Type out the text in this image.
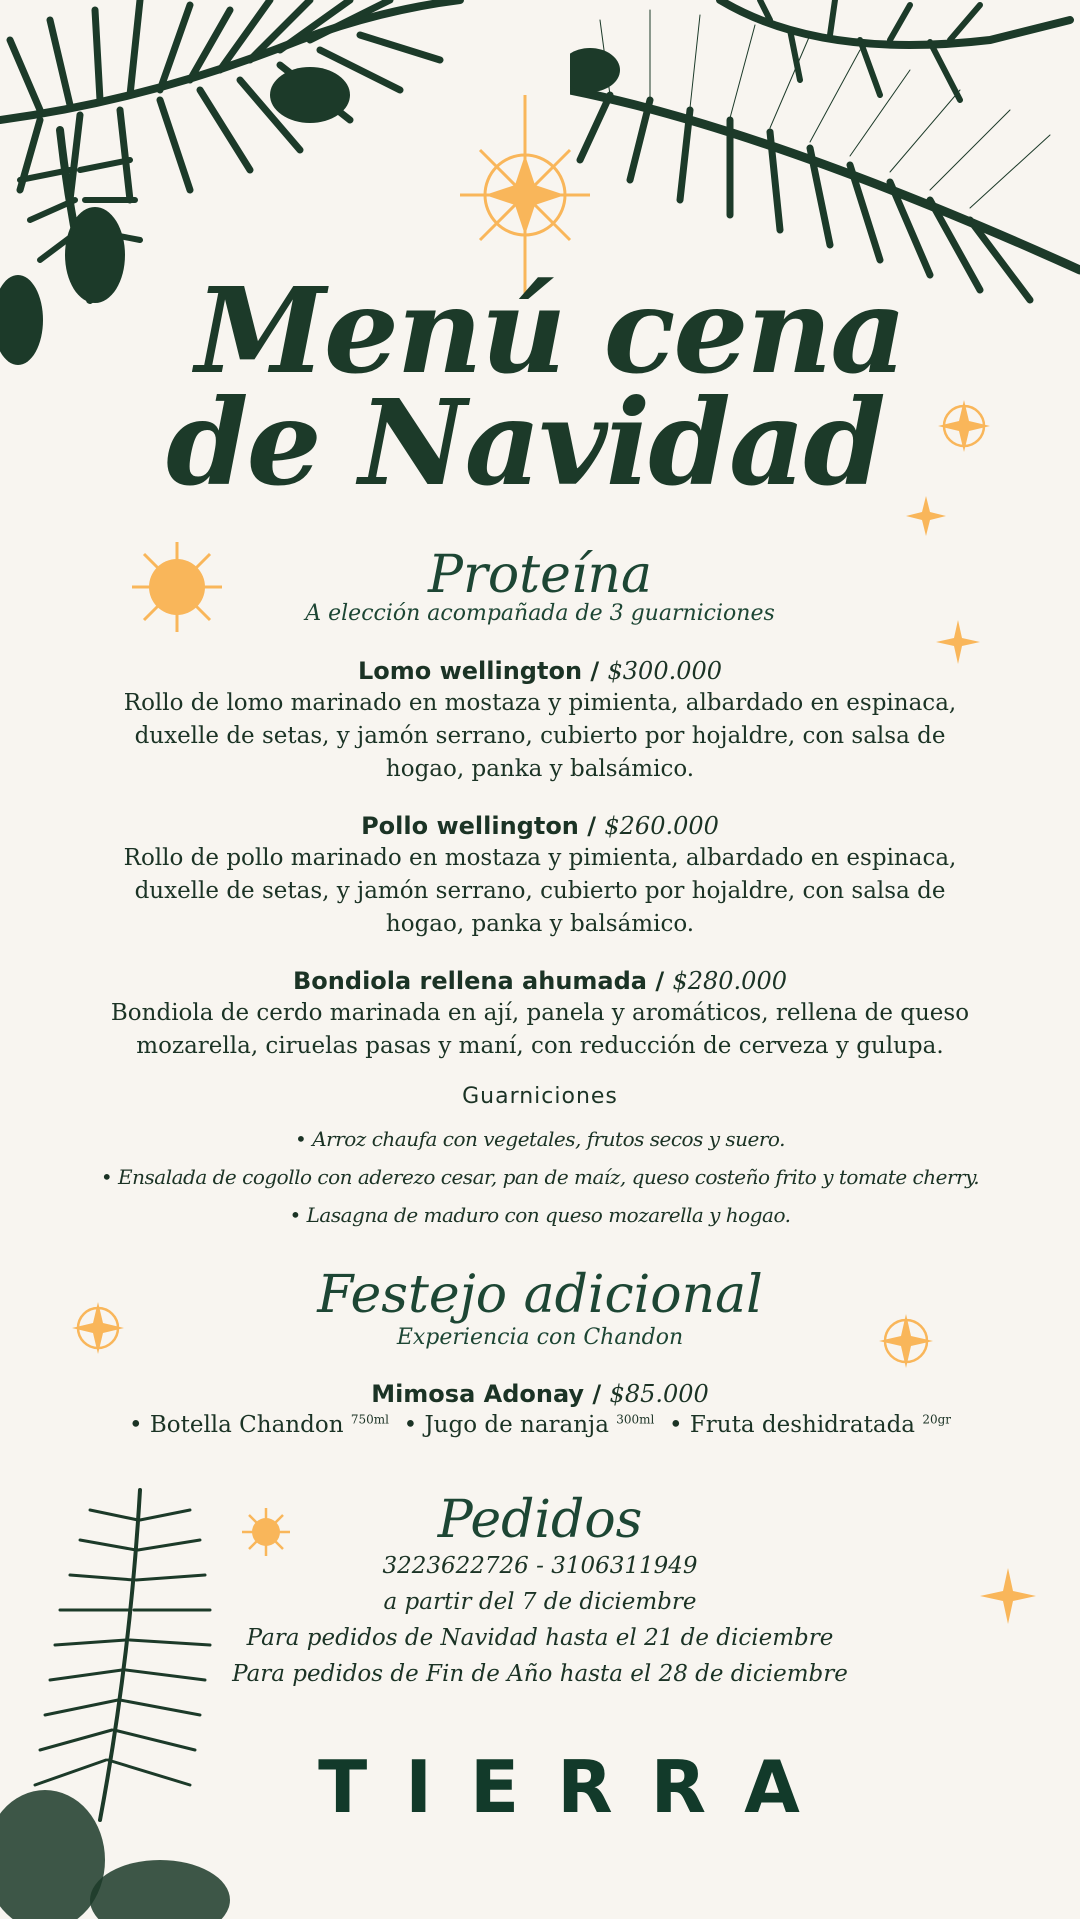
Menú cena
de Navidad
Proteína
A elección acompañada de 3 guarniciones
Lomo wellington / $300.000
Rollo de lomo marinado en mostaza y pimienta, albardado en espinaca,
duxelle de setas, y jamón serrano, cubierto por hojaldre, con salsa de
hogao, panka y balsámico.
Pollo wellington / $260.000
Rollo de pollo marinado en mostaza y pimienta, albardado en espinaca,
duxelle de setas, y jamón serrano, cubierto por hojaldre, con salsa de
hogao, panka y balsámico.
Bondiola rellena ahumada / $280.000
Bondiola de cerdo marinada en ají, panela y aromáticos, rellena de queso
mozarella, ciruelas pasas y maní, con reducción de cerveza y gulupa.
Guarniciones
• Arroz chaufa con vegetales, frutos secos y suero.
• Ensalada de cogollo con aderezo cesar, pan de maíz, queso costeño frito y tomate cherry.
• Lasagna de maduro con queso mozarella y hogao.
Festejo adicional
Experiencia con Chandon
Mimosa Adonay / $85.000
• Botella Chandon $^{750ml}$ • Jugo de naranja $^{300ml}$ • Fruta deshidratada $^{20gr}$
Pedidos
3223622726 - 3106311949
a partir del 7 de diciembre
Para pedidos de Navidad hasta el 21 de diciembre
Para pedidos de Fin de Año hasta el 28 de diciembre
TIERRA
